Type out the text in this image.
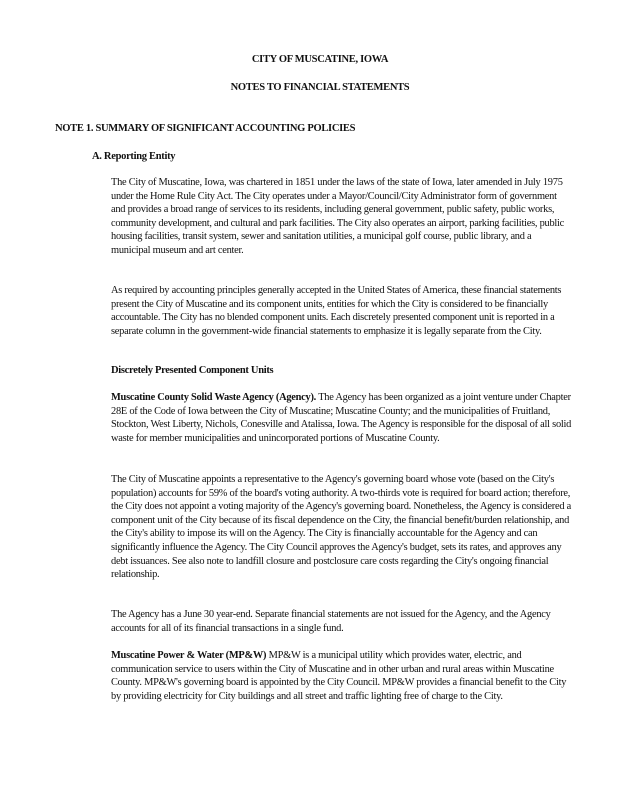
CITY OF MUSCATINE, IOWA
NOTES TO FINANCIAL STATEMENTS
NOTE 1. SUMMARY OF SIGNIFICANT ACCOUNTING POLICIES
A. Reporting Entity
The City of Muscatine, Iowa, was chartered in 1851 under the laws of the state of Iowa, later amended in July 1975 under the Home Rule City Act. The City operates under a Mayor/Council/City Administrator form of government and provides a broad range of services to its residents, including general government, public safety, public works, community development, and cultural and park facilities. The City also operates an airport, parking facilities, public housing facilities, transit system, sewer and sanitation utilities, a municipal golf course, public library, and a municipal museum and art center.
As required by accounting principles generally accepted in the United States of America, these financial statements present the City of Muscatine and its component units, entities for which the City is considered to be financially accountable. The City has no blended component units. Each discretely presented component unit is reported in a separate column in the government-wide financial statements to emphasize it is legally separate from the City.
Discretely Presented Component Units
Muscatine County Solid Waste Agency (Agency). The Agency has been organized as a joint venture under Chapter 28E of the Code of Iowa between the City of Muscatine; Muscatine County; and the municipalities of Fruitland, Stockton, West Liberty, Nichols, Conesville and Atalissa, Iowa. The Agency is responsible for the disposal of all solid waste for member municipalities and unincorporated portions of Muscatine County.
The City of Muscatine appoints a representative to the Agency's governing board whose vote (based on the City's population) accounts for 59% of the board's voting authority. A two-thirds vote is required for board action; therefore, the City does not appoint a voting majority of the Agency's governing board. Nonetheless, the Agency is considered a component unit of the City because of its fiscal dependence on the City, the financial benefit/burden relationship, and the City's ability to impose its will on the Agency. The City is financially accountable for the Agency and can significantly influence the Agency. The City Council approves the Agency's budget, sets its rates, and approves any debt issuances. See also note to landfill closure and postclosure care costs regarding the City's ongoing financial relationship.
The Agency has a June 30 year-end. Separate financial statements are not issued for the Agency, and the Agency accounts for all of its financial transactions in a single fund.
Muscatine Power & Water (MP&W) MP&W is a municipal utility which provides water, electric, and communication service to users within the City of Muscatine and in other urban and rural areas within Muscatine County. MP&W's governing board is appointed by the City Council. MP&W provides a financial benefit to the City by providing electricity for City buildings and all street and traffic lighting free of charge to the City.
